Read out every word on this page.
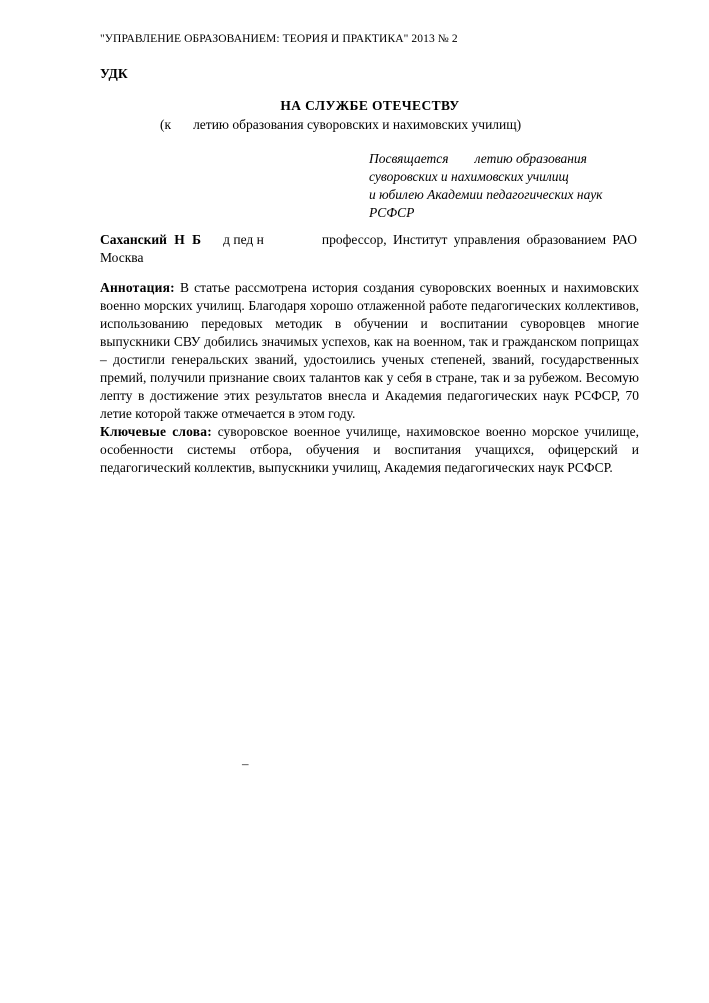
"УПРАВЛЕНИЕ ОБРАЗОВАНИЕМ: ТЕОРИЯ И ПРАКТИКА" 2013 № 2
УДК
НА СЛУЖБЕ ОТЕЧЕСТВУ
(к летию образования суворовских и нахимовских училищ)
Посвящается летию образования
суворовских и нахимовских училищ
и юбилею Академии педагогических наук
РСФСР
Саханский Н Б д пед н	профессор, Институт управления образованием РАО
Москва
Аннотация: В статье рассмотрена история создания суворовских военных и нахимовских военно морских училищ. Благодаря хорошо отлаженной работе педагогических коллективов, использованию передовых методик в обучении и воспитании суворовцев многие выпускники СВУ добились значимых успехов, как на военном, так и гражданском поприщах – достигли генеральских званий, удостоились ученых степеней, званий, государственных премий, получили признание своих талантов как у себя в стране, так и за рубежом. Весомую лепту в достижение этих результатов внесла и Академия педагогических наук РСФСР, 70 летие которой также отмечается в этом году.
Ключевые слова: суворовское военное училище, нахимовское военно морское училище, особенности системы отбора, обучения и воспитания учащихся, офицерский и педагогический коллектив, выпускники училищ, Академия педагогических наук РСФСР.
–
